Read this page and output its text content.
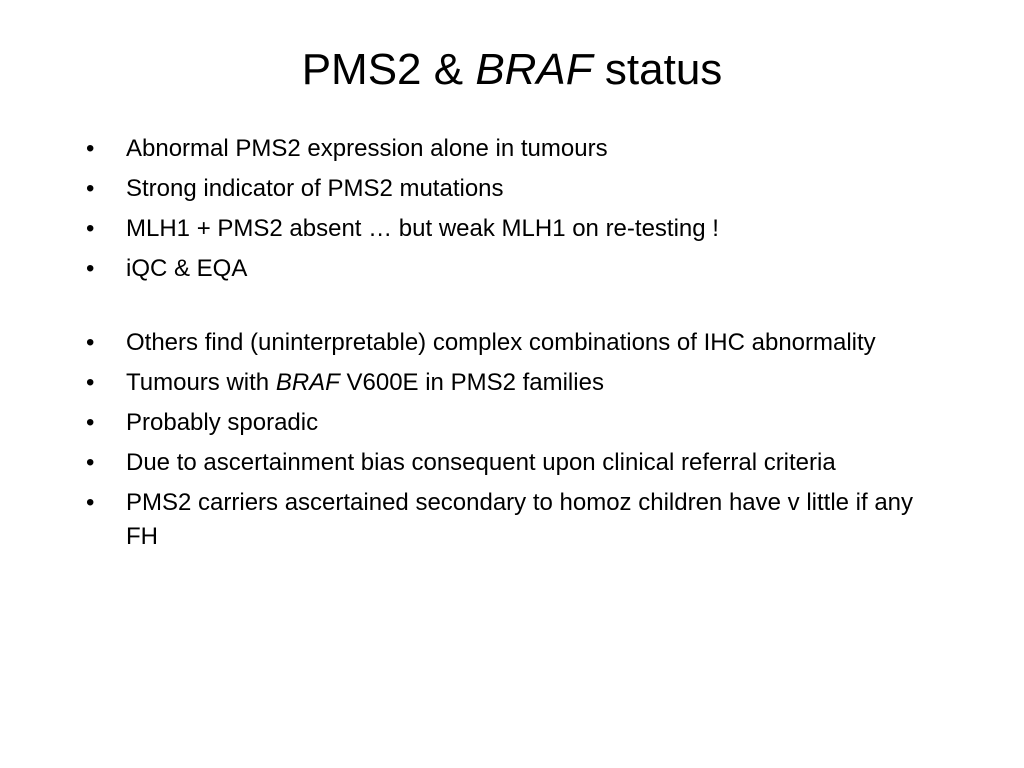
PMS2 & BRAF status
•	Abnormal PMS2 expression alone in tumours
•	Strong indicator of PMS2 mutations
•	MLH1 + PMS2 absent … but weak MLH1 on re-testing !
•	iQC & EQA
•	Others find (uninterpretable) complex combinations of IHC abnormality
•	Tumours with BRAF V600E in PMS2 families
•	Probably sporadic
•	Due to ascertainment bias consequent upon clinical referral criteria
•	PMS2 carriers ascertained secondary to homoz children have v little if any FH
